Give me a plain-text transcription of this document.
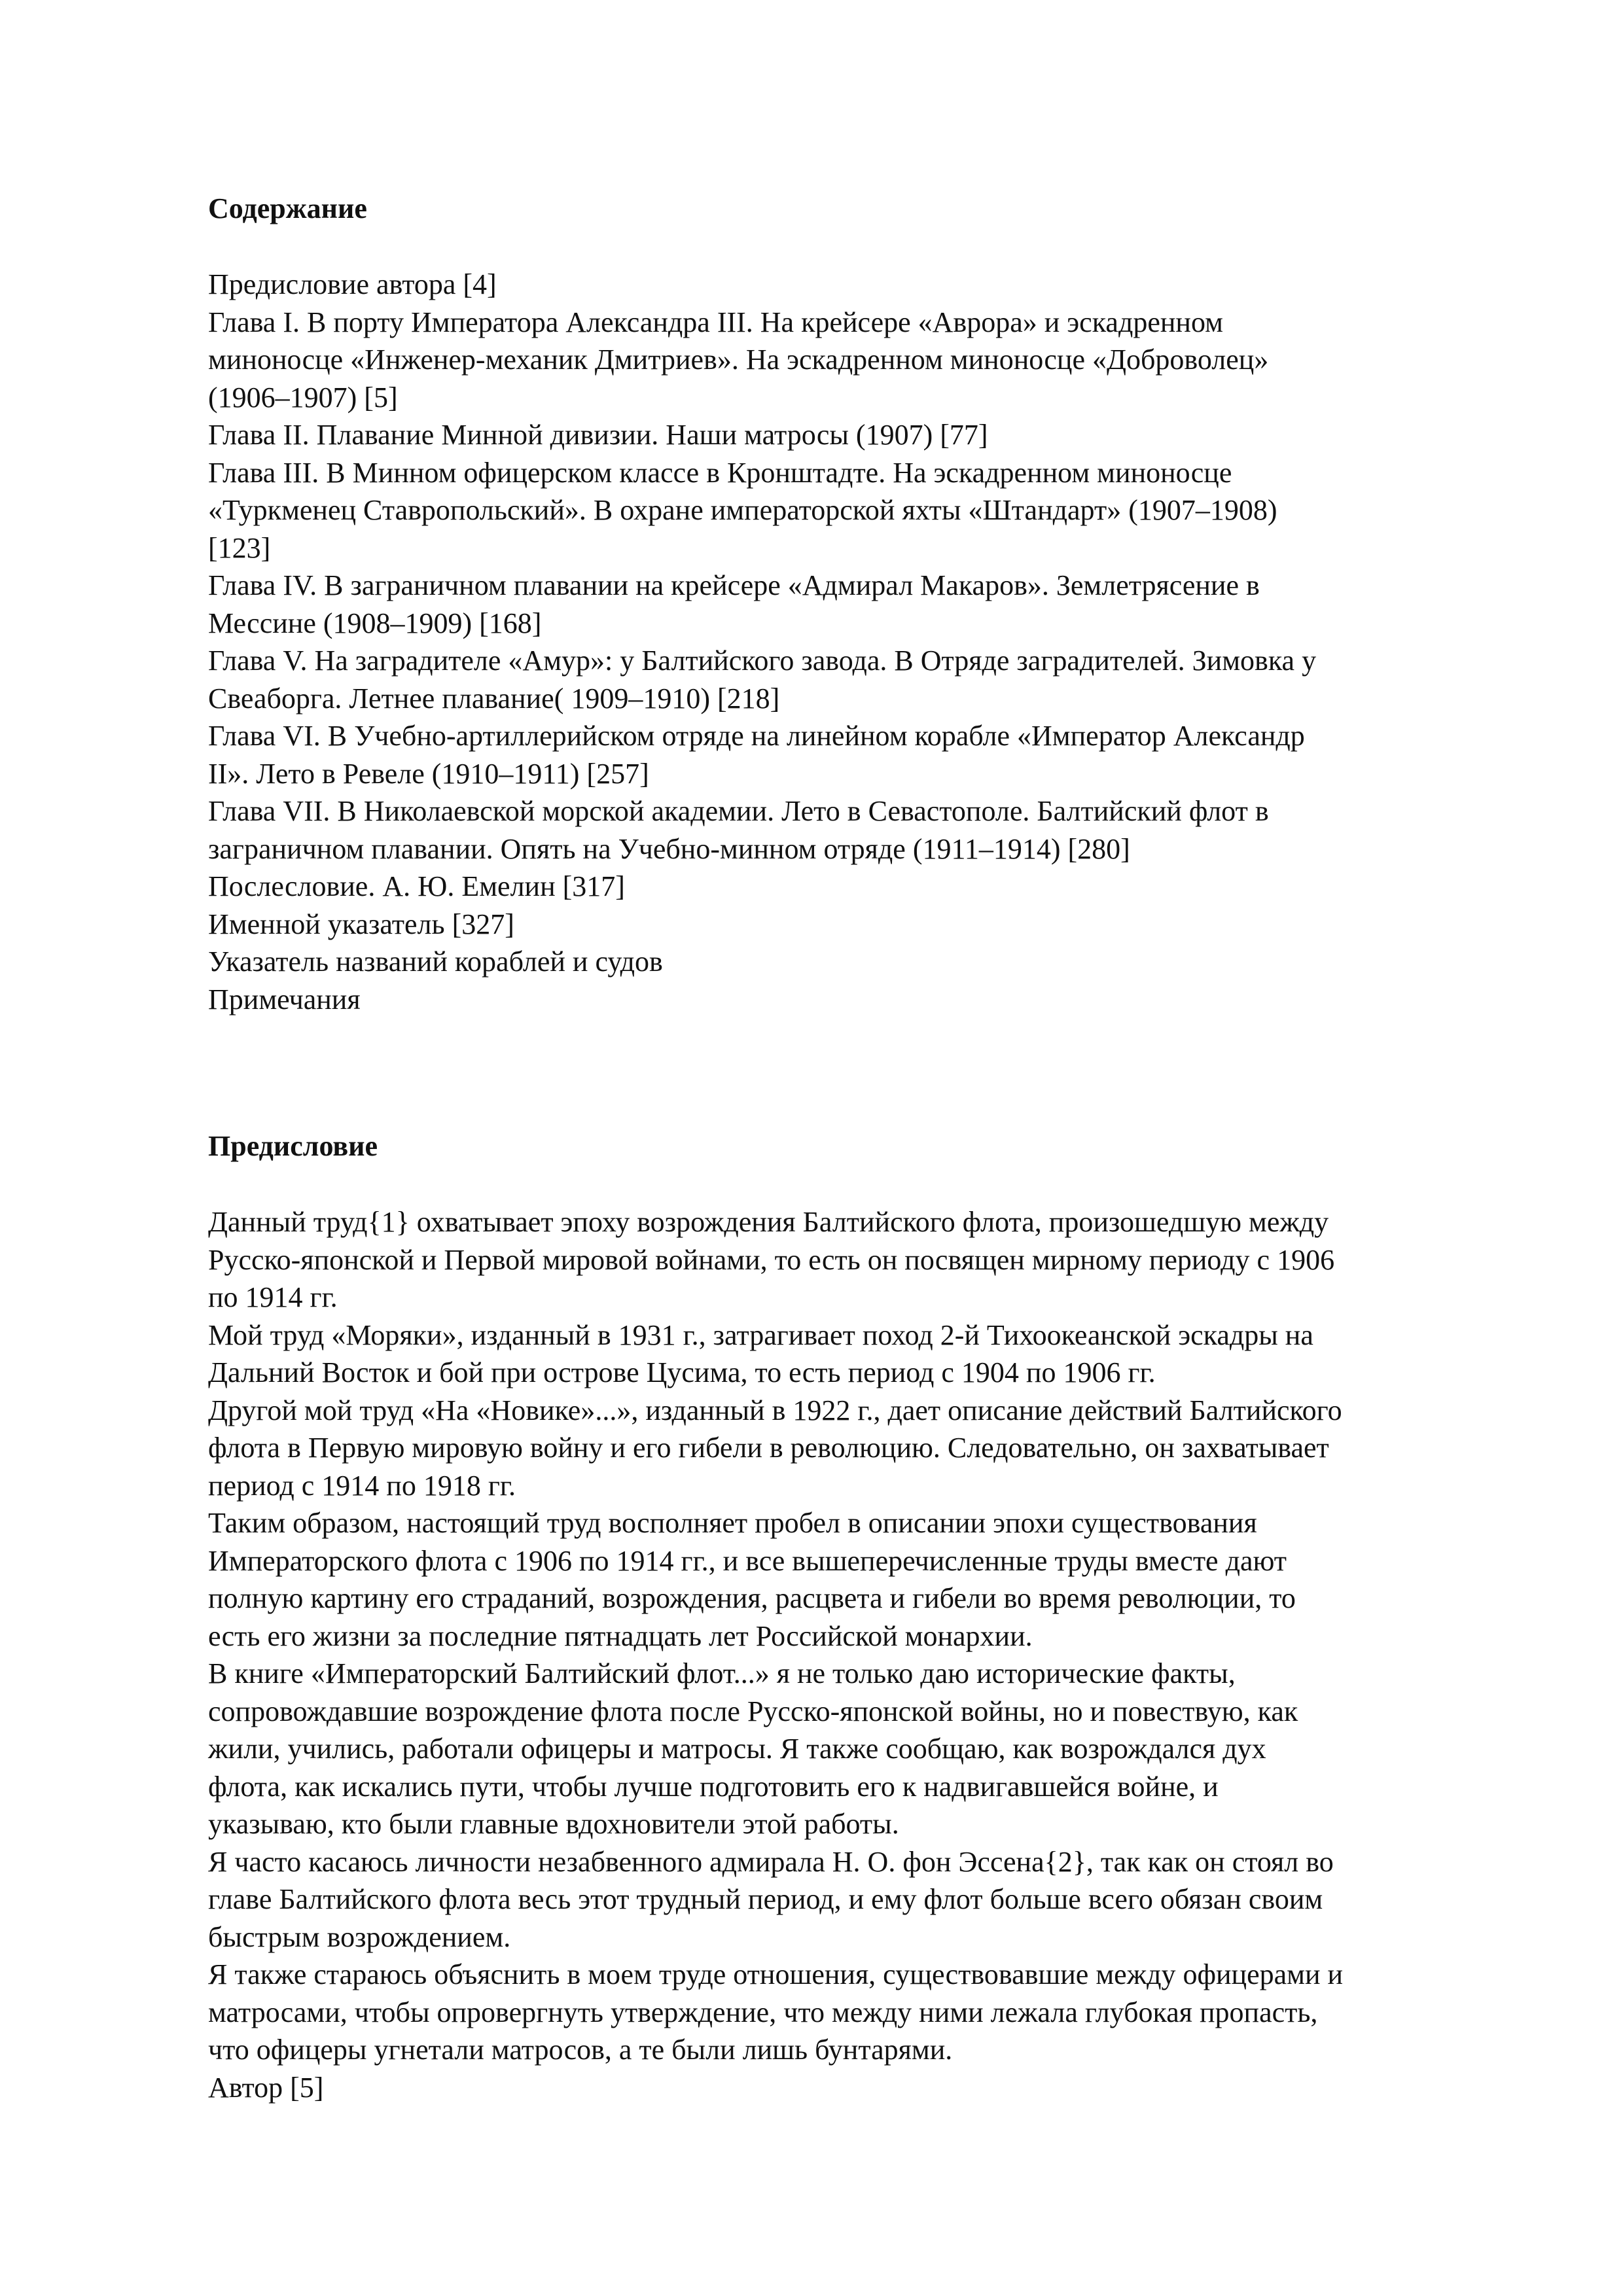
Содержание

Предисловие автора [4]

Глава I. В порту Императора Александра III. На крейсере «Аврора» и эскадренном

миноносце «Инженер-механик Дмитриев». На эскадренном миноносце «Доброволец»

(1906–1907) [5]

Глава II. Плавание Минной дивизии. Наши матросы (1907) [77]

Глава III. В Минном офицерском классе в Кронштадте. На эскадренном миноносце

«Туркменец Ставропольский». В охране императорской яхты «Штандарт» (1907–1908)

[123]

Глава IV. В заграничном плавании на крейсере «Адмирал Макаров». Землетрясение в

Мессине (1908–1909) [168]

Глава V. На заградителе «Амур»: у Балтийского завода. В Отряде заградителей. Зимовка у

Свеаборга. Летнее плавание( 1909–1910) [218]

Глава VI. В Учебно-артиллерийском отряде на линейном корабле «Император Александр

II». Лето в Ревеле (1910–1911) [257]

Глава VII. В Николаевской морской академии. Лето в Севастополе. Балтийский флот в

заграничном плавании. Опять на Учебно-минном отряде (1911–1914) [280]

Послесловие. А. Ю. Емелин [317]

Именной указатель [327]

Указатель названий кораблей и судов

Примечания

Предисловие

Данный труд{1} охватывает эпоху возрождения Балтийского флота, произошедшую между

Русско-японской и Первой мировой войнами, то есть он посвящен мирному периоду с 1906

по 1914 гг.

Мой труд «Моряки», изданный в 1931 г., затрагивает поход 2-й Тихоокеанской эскадры на

Дальний Восток и бой при острове Цусима, то есть период с 1904 по 1906 гг.

Другой мой труд «На «Новике»...», изданный в 1922 г., дает описание действий Балтийского

флота в Первую мировую войну и его гибели в революцию. Следовательно, он захватывает

период с 1914 по 1918 гг.

Таким образом, настоящий труд восполняет пробел в описании эпохи существования

Императорского флота с 1906 по 1914 гг., и все вышеперечисленные труды вместе дают

полную картину его страданий, возрождения, расцвета и гибели во время революции, то

есть его жизни за последние пятнадцать лет Российской монархии.

В книге «Императорский Балтийский флот...» я не только даю исторические факты,

сопровождавшие возрождение флота после Русско-японской войны, но и повествую, как

жили, учились, работали офицеры и матросы. Я также сообщаю, как возрождался дух

флота, как искались пути, чтобы лучше подготовить его к надвигавшейся войне, и

указываю, кто были главные вдохновители этой работы.

Я часто касаюсь личности незабвенного адмирала Н. О. фон Эссена{2}, так как он стоял во

главе Балтийского флота весь этот трудный период, и ему флот больше всего обязан своим

быстрым возрождением.

Я также стараюсь объяснить в моем труде отношения, существовавшие между офицерами и

матросами, чтобы опровергнуть утверждение, что между ними лежала глубокая пропасть,

что офицеры угнетали матросов, а те были лишь бунтарями.

Автор [5]
